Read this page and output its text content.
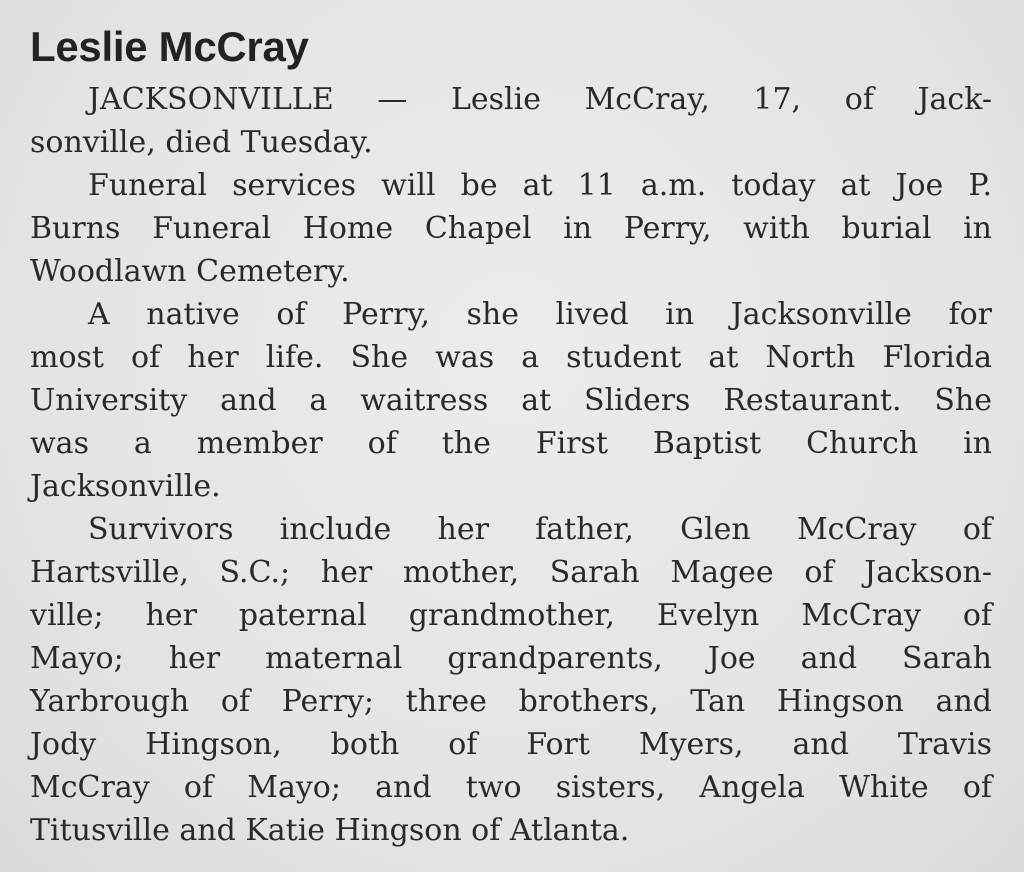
Leslie McCray
JACKSONVILLE — Leslie McCray, 17, of Jack-
sonville, died Tuesday.
Funeral services will be at 11 a.m. today at Joe P.
Burns Funeral Home Chapel in Perry, with burial in
Woodlawn Cemetery.
A native of Perry, she lived in Jacksonville for
most of her life. She was a student at North Florida
University and a waitress at Sliders Restaurant. She
was a member of the First Baptist Church in
Jacksonville.
Survivors include her father, Glen McCray of
Hartsville, S.C.; her mother, Sarah Magee of Jackson-
ville; her paternal grandmother, Evelyn McCray of
Mayo; her maternal grandparents, Joe and Sarah
Yarbrough of Perry; three brothers, Tan Hingson and
Jody Hingson, both of Fort Myers, and Travis
McCray of Mayo; and two sisters, Angela White of
Titusville and Katie Hingson of Atlanta.
